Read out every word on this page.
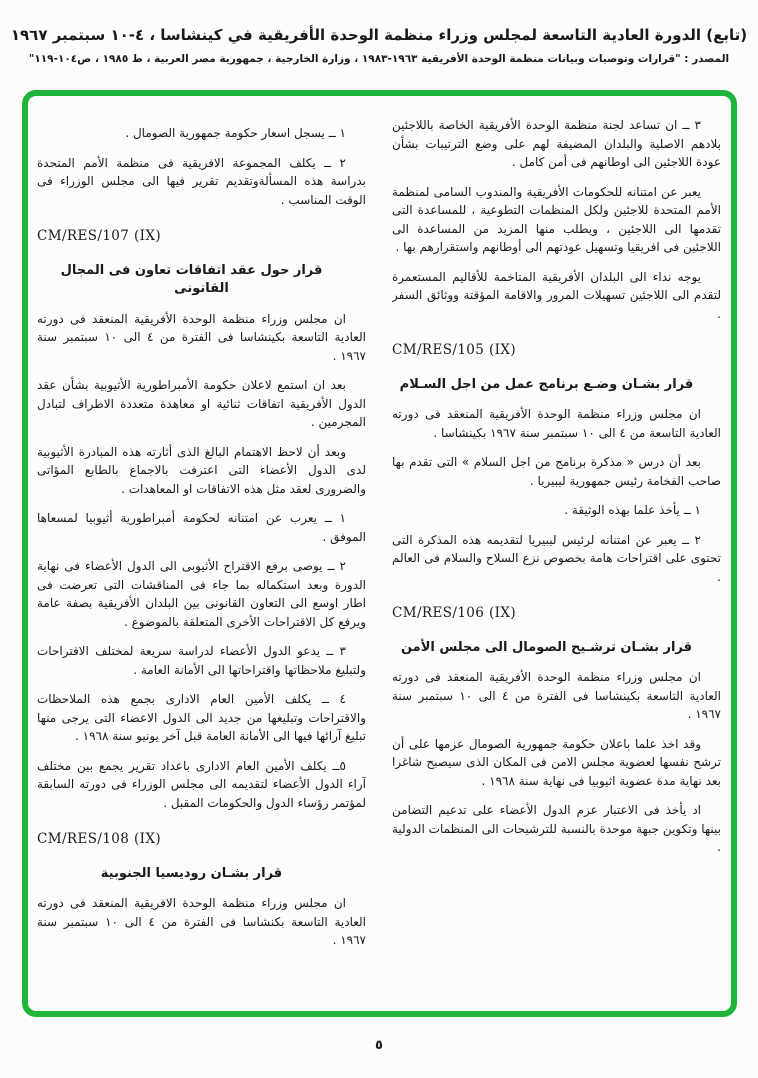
(تابع) الدورة العادية التاسعة لمجلس وزراء منظمة الوحدة الأفريقية في كينشاسا ، ٤-١٠ سبتمبر ١٩٦٧
المصدر : "قرارات وتوصيات وبيانات منظمة الوحدة الأفريقية ١٩٦٣-١٩٨٣ ، وزارة الخارجية ، جمهورية مصر العربية ، ط ١٩٨٥ ، ص١٠٤-١١٩"

٣ ــ ان تساعد لجنة منظمة الوحدة الأفريقية الخاصة باللاجئين بلادهم الاصلية والبلدان المضيفة لهم على وضع الترتيبات بشأن عودة اللاجئين الى اوطانهم فى أمن كامل .

يعبر عن امتنانه للحكومات الأفريقية والمندوب السامى لمنظمة الأمم المتحدة للاجئين ولكل المنظمات التطوعية ، للمساعدة التى تقدمها الى اللاجئين ، ويطلب منها المزيد من المساعدة الى اللاجئين فى افريقيا وتسهيل عودتهم الى أوطانهم واستقرارهم بها .

يوجه نداء الى البلدان الأفريقية المتاخمة للأقاليم المستعمرة لتقدم الى اللاجئين تسهيلات المرور والاقامة المؤقتة ووثائق السفر .

CM/RES/105 (IX)

قرار بشـان وضـع برنامج عمل من اجل السـلام

ان مجلس وزراء منظمة الوحدة الأفريقية المنعقد فى دورته العادية التاسعة من ٤ الى ١٠ سبتمبر سنة ١٩٦٧ بكينشاسا .

بعد أن درس « مذكرة برنامج من اجل السلام » التى تقدم بها صاحب الفخامة رئيس جمهورية ليبيريا .

١ ــ يأخذ علما بهذه الوثيقة .

٢ ــ يعبر عن امتنانه لرئيس ليبيريا لتقديمه هذه المذكرة التى تحتوى على اقتراحات هامة بخصوص نزع السلاح والسلام فى العالم .

CM/RES/106 (IX)

قرار بشـان ترشـيح الصومال الى مجلس الأمن

ان مجلس وزراء منظمة الوحدة الأفريقية المنعقد فى دورته العادية التاسعة بكينشاسا فى الفترة من ٤ الى ١٠ سبتمبر سنة ١٩٦٧ .

وقد اخذ علما باعلان حكومة جمهورية الصومال عزمها على أن ترشح نفسها لعضوية مجلس الامن فى المكان الذى سيصبح شاغرا بعد نهاية مدة عضوية اثيوبيا فى نهاية سنة ١٩٦٨ .

اد يأخذ فى الاعتبار عزم الدول الأعضاء على تدعيم التضامن بينها وتكوين جبهة موحدة بالنسبة للترشيحات الى المنظمات الدولية .

١ ــ يسجل اسعار حكومة جمهورية الصومال .

٢ ــ يكلف المجموعة الافريقية فى منظمة الأمم المتحدة بدراسة هذه المسألةوتقديم تقرير فيها الى مجلس الوزراء فى الوقت المناسب .

CM/RES/107 (IX)

قرار حول عقد اتفاقات تعاون فى المجال القانونى

ان مجلس وزراء منظمة الوحدة الأفريقية المنعقد فى دورته العادية التاسعة بكينشاسا فى الفترة من ٤ الى ١٠ سبتمبر سنة ١٩٦٧ .

بعد ان استمع لاعلان حكومة الأمبراطورية الأثيوبية بشأن عقد الدول الأفريقية اتفاقات ثنائية او معاهدة متعددة الاطراف لتبادل المجرمين .

وبعد أن لاحظ الاهتمام البالغ الذى أثارته هذه المبادرة الأثيوبية لدى الدول الأعضاء التى اعترفت بالاجماع بالطابع المؤاتى والضرورى لعقد مثل هذه الاتفاقات او المعاهدات .

١ ــ يعرب عن امتنانه لحكومة أمبراطورية أثيوبيا لمسعاها الموفق .

٢ ــ يوصى برفع الاقتراح الأثيوبى الى الدول الأعضاء فى نهاية الدورة وبعد استكماله بما جاء فى المناقشات التى تعرضت فى اطار اوسع الى التعاون القانونى بين البلدان الأفريقية بصفة عامة ويرفع كل الاقتراحات الأخرى المتعلقة بالموضوع .

٣ ــ يدعو الدول الأعضاء لدراسة سريعة لمختلف الاقتراحات ولتبليغ ملاحظاتها واقتراحاتها الى الأمانة العامة .

٤ ــ يكلف الأمين العام الادارى بجمع هذه الملاحظات والاقتراحات وتبليغها من جديد الى الدول الاعضاء التى يرجى منها تبليغ آرائها فيها الى الأمانة العامة قبل آخر يونيو سنة ١٩٦٨ .

٥ــ يكلف الأمين العام الادارى باعداد تقرير يجمع بين مختلف آراء الدول الأعضاء لتقديمه الى مجلس الوزراء فى دورته السابقة لمؤتمر رؤساء الدول والحكومات المقبل .

CM/RES/108 (IX)

قرار بشـان روديسيا الجنوبية

ان مجلس وزراء منظمة الوحدة الافريقية المنعقد فى دورته العادية التاسعة بكنشاسا فى الفترة من ٤ الى ١٠ سبتمبر سنة ١٩٦٧ .

٥
